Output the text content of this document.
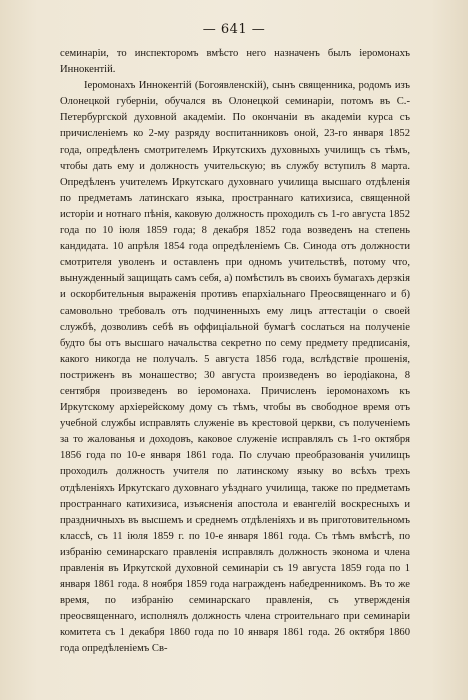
— 641 —

семинаріи, то инспекторомъ вмѣсто него назначенъ былъ іеромонахъ Иннокентій.

Іеромонахъ Иннокентій (Богоявленскій), сынъ священника, родомъ изъ Олонецкой губерніи, обучался въ Олонецкой семинаріи, потомъ въ С.-Петербургской духовной академіи. По окончаніи въ академіи курса съ причисленіемъ ко 2-му разряду воспитанниковъ оной, 23-го января 1852 года, опредѣленъ смотрителемъ Иркутскихъ духовныхъ училищъ съ тѣмъ, чтобы дать ему и должность учительскую; въ службу вступилъ 8 марта. Опредѣленъ учителемъ Иркутскаго духовнаго училища высшаго отдѣленія по предметамъ латинскаго языка, пространнаго катихизиса, священной исторіи и нотнаго пѣнія, каковую должность проходилъ съ 1-го августа 1852 года по 10 іюля 1859 года; 8 декабря 1852 года возведенъ на степень кандидата. 10 апрѣля 1854 года опредѣленіемъ Св. Синода отъ должности смотрителя уволенъ и оставленъ при одномъ учительствѣ, потому что, вынужденный защищать самъ себя, а) помѣстилъ въ своихъ бумагахъ дерзкія и оскорбительныя выраженія противъ епархіальнаго Преосвященнаго и б) самовольно требовалъ отъ подчиненныхъ ему лицъ аттестаціи о своей службѣ, дозволивъ себѣ въ оффиціальной бумагѣ сослаться на полученіе будто бы отъ высшаго начальства секретно по сему предмету предписанія, какого никогда не получалъ. 5 августа 1856 года, вслѣдствіе прошенія, постриженъ въ монашество; 30 августа произведенъ во іеродіакона, 8 сентября произведенъ во іеромонаха. Причисленъ іеромонахомъ къ Иркутскому архіерейскому дому съ тѣмъ, чтобы въ свободное время отъ учебной службы исправлять служеніе въ крестовой церкви, съ полученіемъ за то жалованья и доходовъ, каковое служеніе исправлялъ съ 1-го октября 1856 года по 10-е января 1861 года. По случаю преобразованія училищъ проходилъ должность учителя по латинскому языку во всѣхъ трехъ отдѣленіяхъ Иркутскаго духовнаго уѣзднаго училища, также по предметамъ пространнаго катихизиса, изъясненія апостола и евангелій воскресныхъ и праздничныхъ въ высшемъ и среднемъ отдѣленіяхъ и въ приготовительномъ классѣ, съ 11 іюля 1859 г. по 10-е января 1861 года. Съ тѣмъ вмѣстѣ, по избранію семинарскаго правленія исправлялъ должность эконома и члена правленія въ Иркутской духовной семинаріи съ 19 августа 1859 года по 1 января 1861 года. 8 ноября 1859 года награжденъ набедренникомъ. Въ то же время, по избранію семинарскаго правленія, съ утвержденія преосвященнаго, исполнялъ должность члена строительнаго при семинаріи комитета съ 1 декабря 1860 года по 10 января 1861 года. 26 октября 1860 года опредѣленіемъ Св-
